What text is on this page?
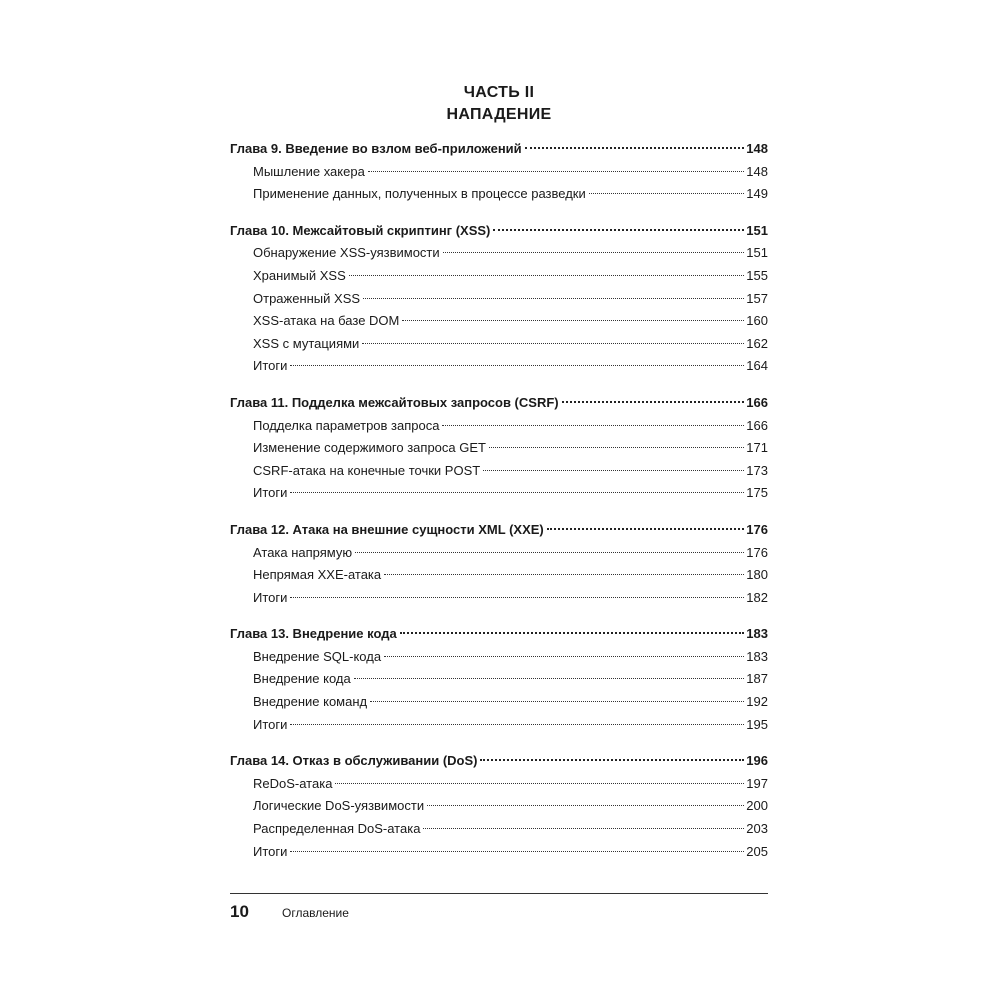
ЧАСТЬ II
НАПАДЕНИЕ
Глава 9. Введение во взлом веб-приложений	148
Мышление хакера	148
Применение данных, полученных в процессе разведки	149
Глава 10. Межсайтовый скриптинг (XSS)	151
Обнаружение XSS-уязвимости	151
Хранимый XSS	155
Отраженный XSS	157
XSS-атака на базе DOM	160
XSS с мутациями	162
Итоги	164
Глава 11. Подделка межсайтовых запросов (CSRF)	166
Подделка параметров запроса	166
Изменение содержимого запроса GET	171
CSRF-атака на конечные точки POST	173
Итоги	175
Глава 12. Атака на внешние сущности XML (XXE)	176
Атака напрямую	176
Непрямая XXE-атака	180
Итоги	182
Глава 13. Внедрение кода	183
Внедрение SQL-кода	183
Внедрение кода	187
Внедрение команд	192
Итоги	195
Глава 14. Отказ в обслуживании (DoS)	196
ReDoS-атака	197
Логические DoS-уязвимости	200
Распределенная DoS-атака	203
Итоги	205
10	Оглавление
